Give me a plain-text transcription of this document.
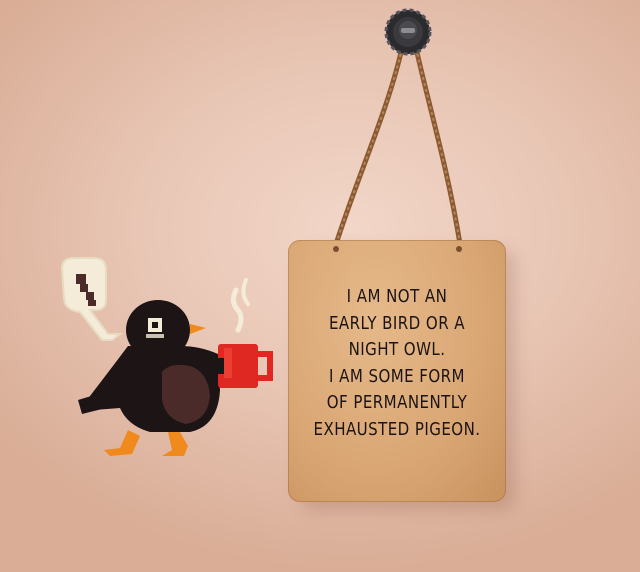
I AM NOT AN
EARLY BIRD OR A
NIGHT OWL.
I AM SOME FORM
OF PERMANENTLY
EXHAUSTED PIGEON.
